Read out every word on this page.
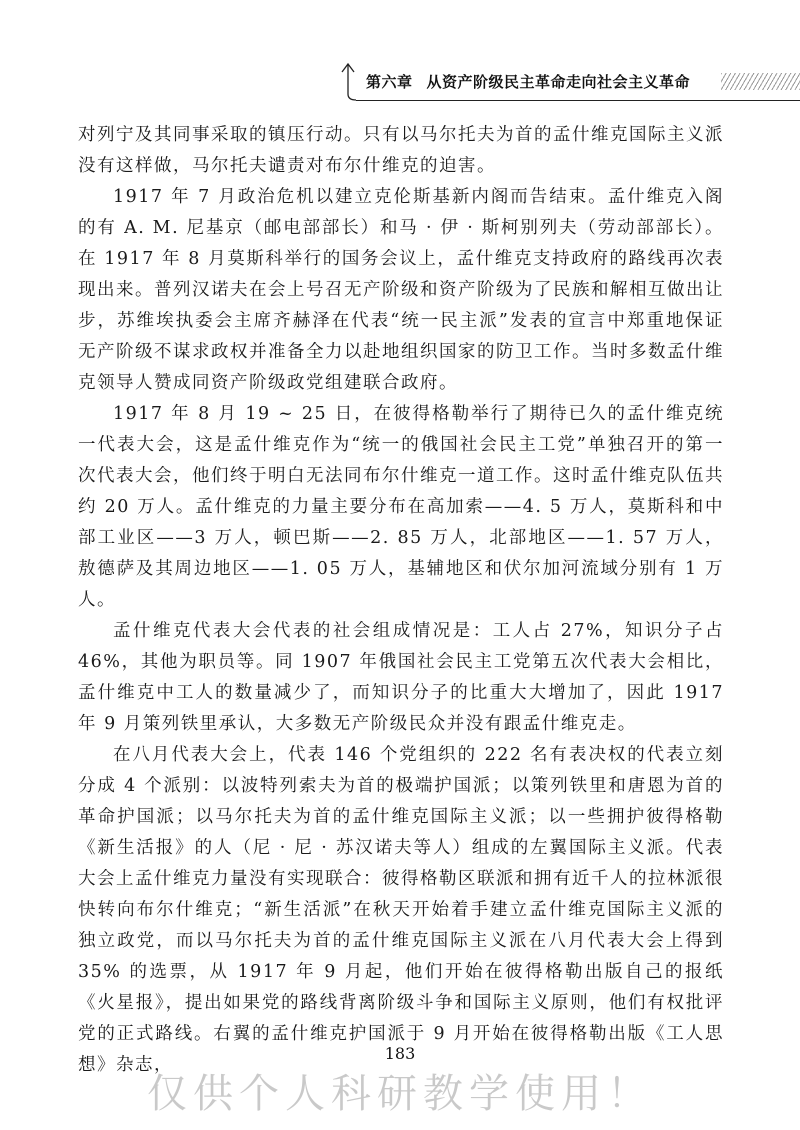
第六章 从资产阶级民主革命走向社会主义革命

对列宁及其同事采取的镇压行动。只有以马尔托夫为首的孟什维克国际主义派没有这样做，马尔托夫谴责对布尔什维克的迫害。

1917 年 7 月政治危机以建立克伦斯基新内阁而告结束。孟什维克入阁的有 A. M. 尼基京（邮电部部长）和马 · 伊 · 斯柯别列夫（劳动部部长）。在 1917 年 8 月莫斯科举行的国务会议上，孟什维克支持政府的路线再次表现出来。普列汉诺夫在会上号召无产阶级和资产阶级为了民族和解相互做出让步，苏维埃执委会主席齐赫泽在代表“统一民主派”发表的宣言中郑重地保证无产阶级不谋求政权并准备全力以赴地组织国家的防卫工作。当时多数孟什维克领导人赞成同资产阶级政党组建联合政府。

1917 年 8 月 19 ~ 25 日，在彼得格勒举行了期待已久的孟什维克统一代表大会，这是孟什维克作为“统一的俄国社会民主工党”单独召开的第一次代表大会，他们终于明白无法同布尔什维克一道工作。这时孟什维克队伍共约 20 万人。孟什维克的力量主要分布在高加索——4. 5 万人，莫斯科和中部工业区——3 万人，顿巴斯——2. 85 万人，北部地区——1. 57 万人，敖德萨及其周边地区——1. 05 万人，基辅地区和伏尔加河流域分别有 1 万人。

孟什维克代表大会代表的社会组成情况是：工人占 27%，知识分子占 46%，其他为职员等。同 1907 年俄国社会民主工党第五次代表大会相比，孟什维克中工人的数量减少了，而知识分子的比重大大增加了，因此 1917 年 9 月策列铁里承认，大多数无产阶级民众并没有跟孟什维克走。

在八月代表大会上，代表 146 个党组织的 222 名有表决权的代表立刻分成 4 个派别：以波特列索夫为首的极端护国派；以策列铁里和唐恩为首的革命护国派；以马尔托夫为首的孟什维克国际主义派；以一些拥护彼得格勒《新生活报》的人（尼 · 尼 · 苏汉诺夫等人）组成的左翼国际主义派。代表大会上孟什维克力量没有实现联合：彼得格勒区联派和拥有近千人的拉林派很快转向布尔什维克；“新生活派”在秋天开始着手建立孟什维克国际主义派的独立政党，而以马尔托夫为首的孟什维克国际主义派在八月代表大会上得到 35% 的选票，从 1917 年 9 月起，他们开始在彼得格勒出版自己的报纸《火星报》，提出如果党的路线背离阶级斗争和国际主义原则，他们有权批评党的正式路线。右翼的孟什维克护国派于 9 月开始在彼得格勒出版《工人思想》杂志，

183
仅供个人科研教学使用！
